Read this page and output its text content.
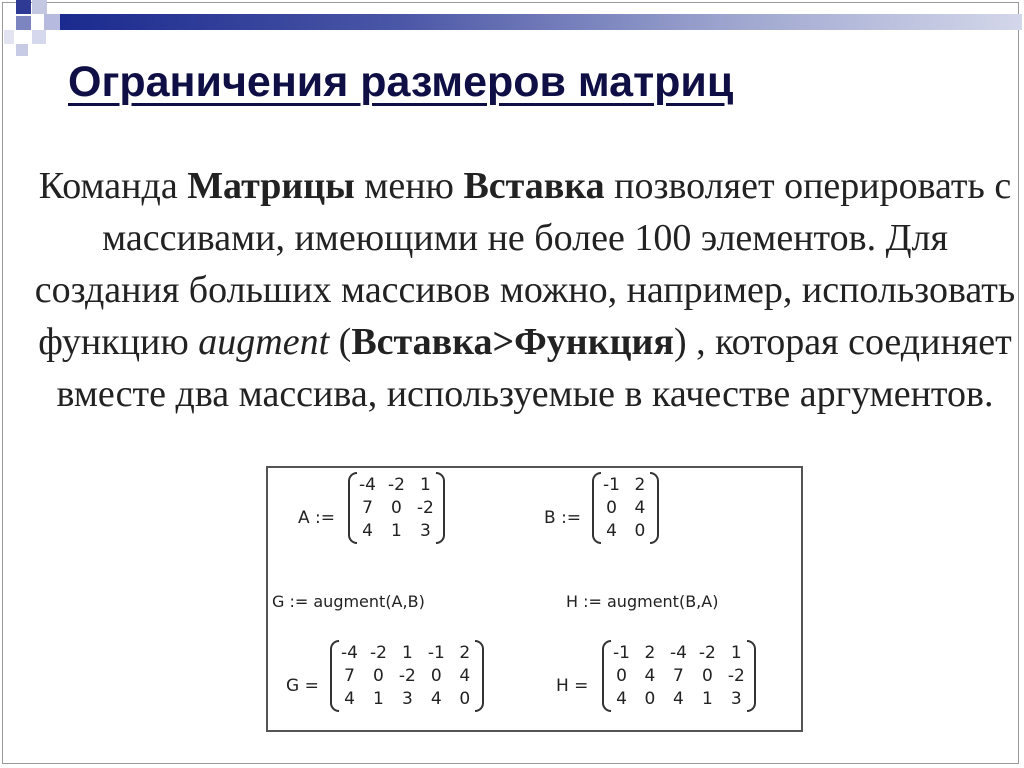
Ограничения размеров матриц
Команда Матрицы меню Вставка позволяет оперировать с массивами, имеющими не более 100 элементов. Для создания больших массивов можно, например, использовать функцию augment (Вставка>Функция) , которая соединяет вместе два массива, используемые в качестве аргументов.
A :=
-4 -2 1
7 0 -2
4 1 3
B :=
-1 2
0 4
4 0
G := augment(A,B)	H := augment(B,A)
G =
-4 -2 1 -1 2
7 0 -2 0 4
4 1 3 4 0
H =
-1 2 -4 -2 1
0 4 7 0 -2
4 0 4 1 3
